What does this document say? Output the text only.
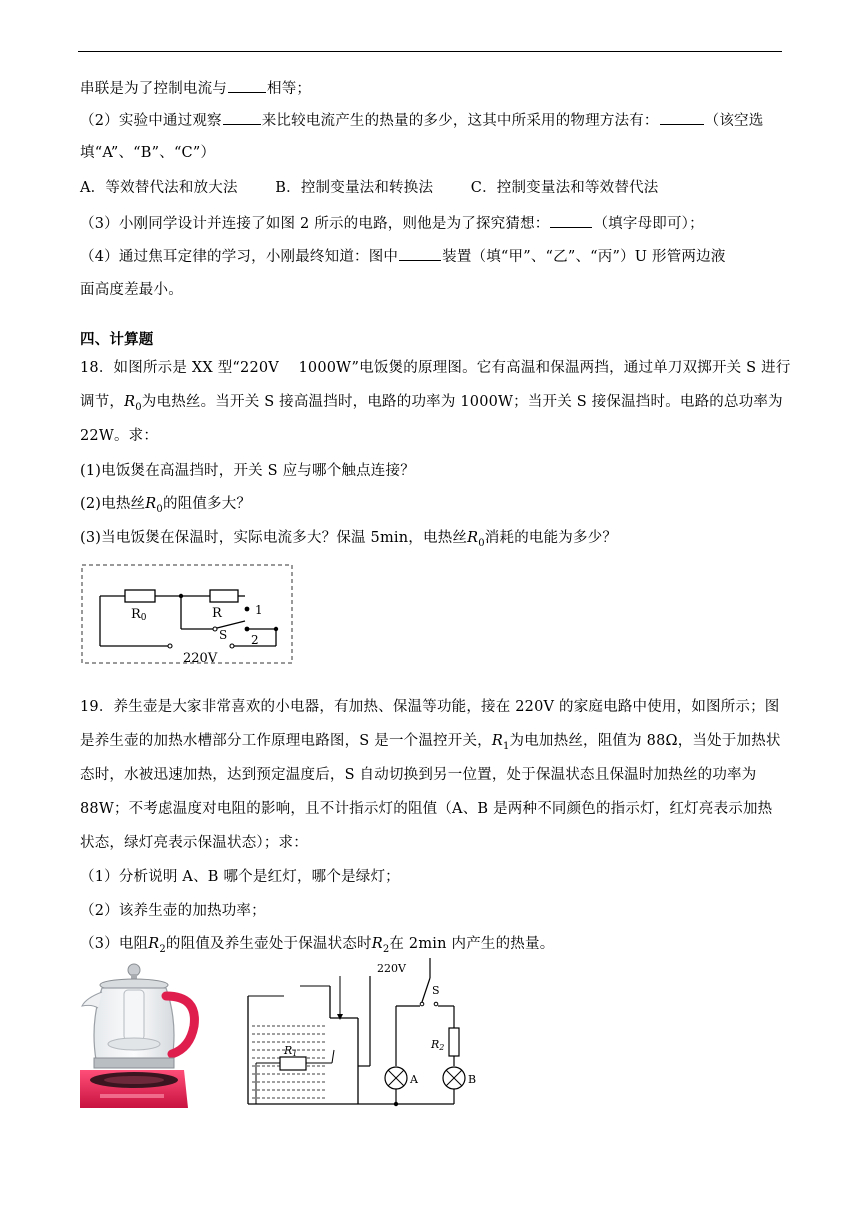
串联是为了控制电流与	相等；
（2）实验中通过观察	来比较电流产生的热量的多少，这其中所采用的物理方法有：	（该空选
填“A”、“B”、“C”）
A．等效替代法和放大法	B．控制变量法和转换法	C．控制变量法和等效替代法
（3）小刚同学设计并连接了如图 2 所示的电路，则他是为了探究猜想：	（填字母即可）；
（4）通过焦耳定律的学习，小刚最终知道：图中	装置（填“甲”、“乙”、“丙”）U 形管两边液
面高度差最小。
四、计算题
18．如图所示是 XX 型“220V　 1000W”电饭煲的原理图。它有高温和保温两挡，通过单刀双掷开关 S 进行
调节，$R_0$为电热丝。当开关 S 接高温挡时，电路的功率为 1000W；当开关 S 接保温挡时。电路的总功率为
22W。求：
(1)电饭煲在高温挡时，开关 S 应与哪个触点连接？
(2)电热丝$R_0$的阻值多大？
(3)当电饭煲在保温时，实际电流多大？保温 5min，电热丝$R_0$消耗的电能为多少？
R0	R	1
S 2
220V
19．养生壶是大家非常喜欢的小电器，有加热、保温等功能，接在 220V 的家庭电路中使用，如图所示；图
是养生壶的加热水槽部分工作原理电路图，S 是一个温控开关，$R_1$为电加热丝，阻值为 88Ω，当处于加热状
态时，水被迅速加热，达到预定温度后，S 自动切换到另一位置，处于保温状态且保温时加热丝的功率为
88W；不考虑温度对电阻的影响，且不计指示灯的阻值（A、B 是两种不同颜色的指示灯，红灯亮表示加热
状态，绿灯亮表示保温状态）；求：
（1）分析说明 A、B 哪个是红灯，哪个是绿灯；
（2）该养生壶的加热功率；
（3）电阻$R_2$的阻值及养生壶处于保温状态时$R_2$在 2min 内产生的热量。
R1
220V
S
A
R2
B
